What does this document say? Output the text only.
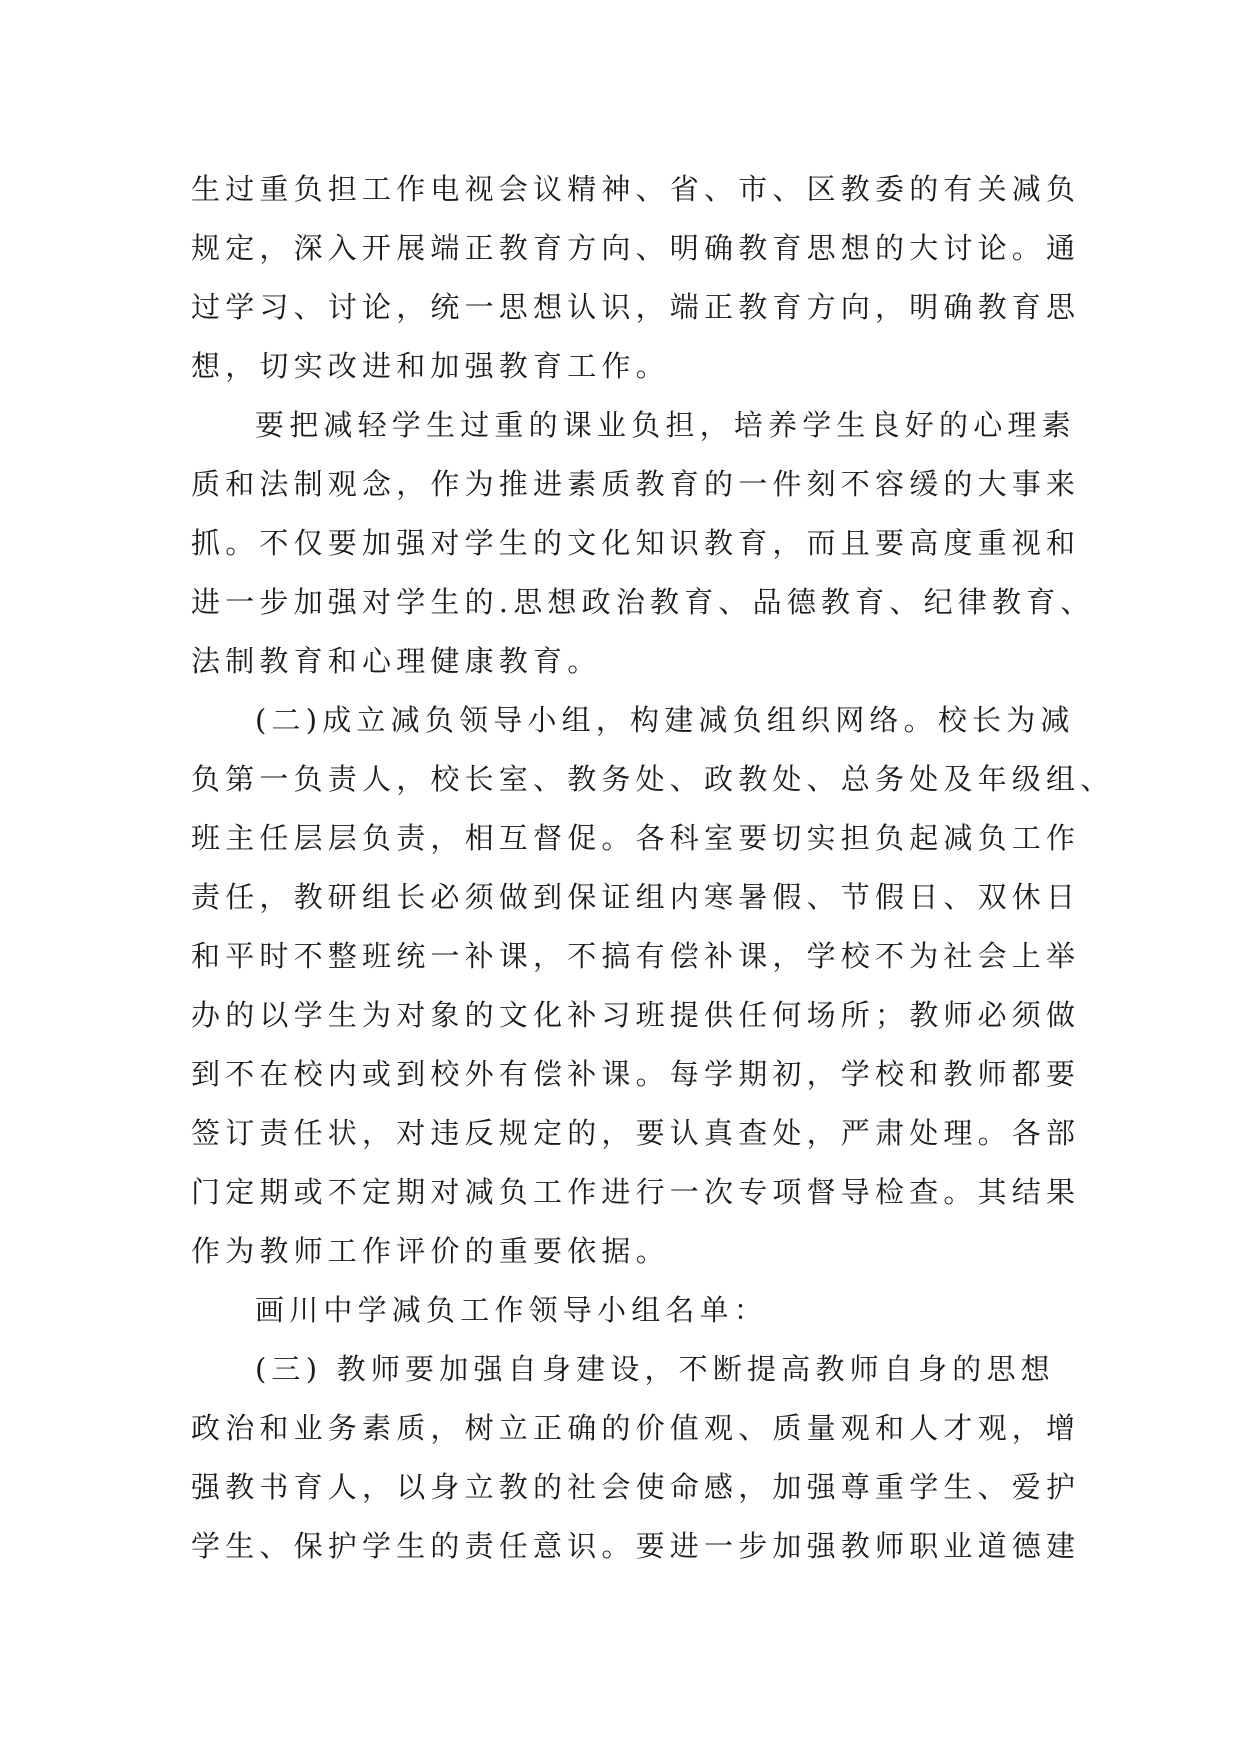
生过重负担工作电视会议精神、省、市、区教委的有关减负
规定，深入开展端正教育方向、明确教育思想的大讨论。通
过学习、讨论，统一思想认识，端正教育方向，明确教育思
想，切实改进和加强教育工作。
要把减轻学生过重的课业负担，培养学生良好的心理素
质和法制观念，作为推进素质教育的一件刻不容缓的大事来
抓。不仅要加强对学生的文化知识教育，而且要高度重视和
进一步加强对学生的.思想政治教育、品德教育、纪律教育、
法制教育和心理健康教育。
(二)成立减负领导小组，构建减负组织网络。校长为减
负第一负责人，校长室、教务处、政教处、总务处及年级组、
班主任层层负责，相互督促。各科室要切实担负起减负工作
责任，教研组长必须做到保证组内寒暑假、节假日、双休日
和平时不整班统一补课，不搞有偿补课，学校不为社会上举
办的以学生为对象的文化补习班提供任何场所；教师必须做
到不在校内或到校外有偿补课。每学期初，学校和教师都要
签订责任状，对违反规定的，要认真查处，严肃处理。各部
门定期或不定期对减负工作进行一次专项督导检查。其结果
作为教师工作评价的重要依据。
画川中学减负工作领导小组名单：
(三) 教师要加强自身建设，不断提高教师自身的思想
政治和业务素质，树立正确的价值观、质量观和人才观，增
强教书育人，以身立教的社会使命感，加强尊重学生、爱护
学生、保护学生的责任意识。要进一步加强教师职业道德建
